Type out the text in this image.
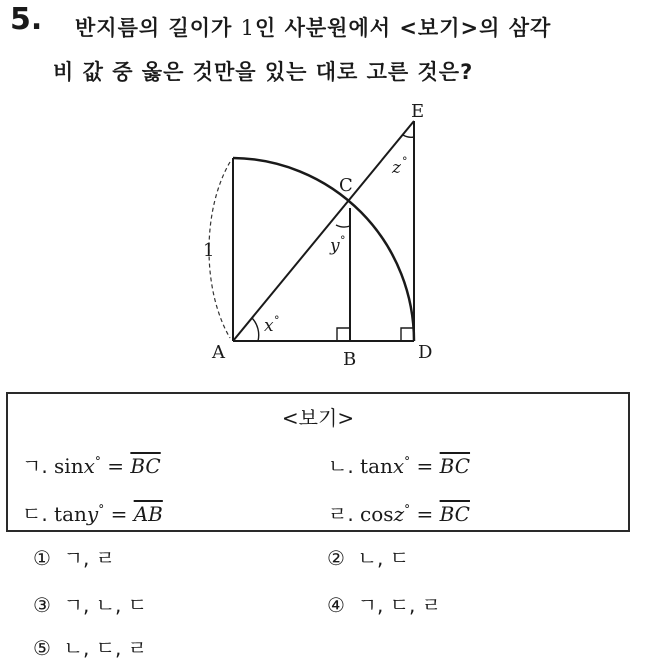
5. 반지름의 길이가 1인 사분원에서 <보기>의 삼각
비 값 중 옳은 것만을 있는 대로 고른 것은?
A	B
C
D
E
1
x °
y °
z °
<보기>
ㄱ. $\sin x^\circ = \overline{BC}$	ㄴ. $\tan x^\circ = \overline{BC}$
ㄷ. $\tan y^\circ = \overline{AB}$	ㄹ. $\cos z^\circ = \overline{BC}$
① ㄱ, ㄹ	② ㄴ, ㄷ
③ ㄱ, ㄴ, ㄷ	④ ㄱ, ㄷ, ㄹ
⑤ ㄴ, ㄷ, ㄹ
